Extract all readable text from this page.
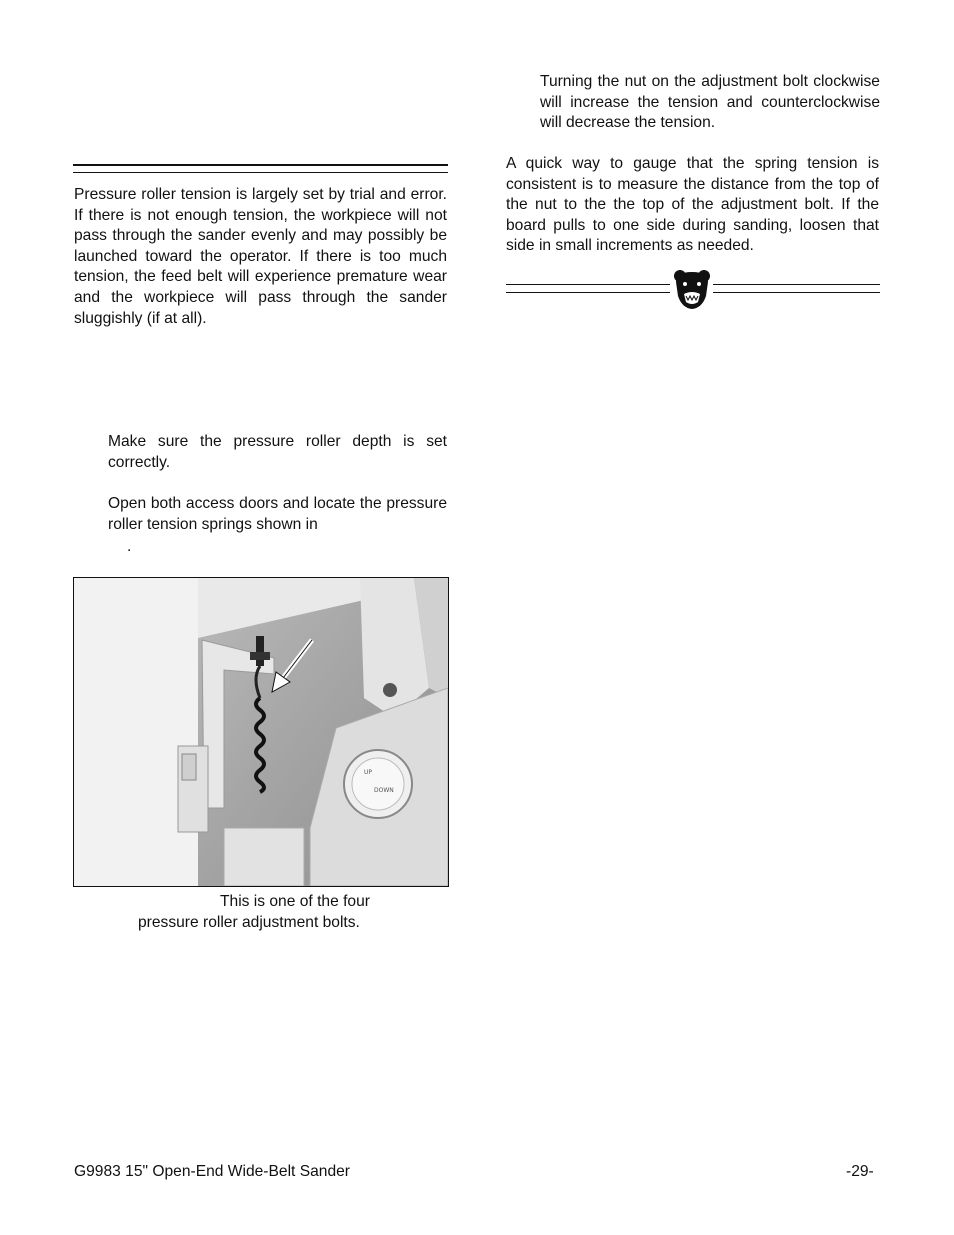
Turning the nut on the adjustment bolt clockwise will increase the tension and counterclockwise will decrease the tension.

Pressure roller tension is largely set by trial and error. If there is not enough tension, the workpiece will not pass through the sander evenly and may possibly be launched toward the operator. If there is too much tension, the feed belt will experience premature wear and the workpiece will pass through the sander sluggishly (if at all).

A quick way to gauge that the spring tension is consistent is to measure the distance from the top of the nut to the the top of the adjustment bolt. If the board pulls to one side during sanding, loosen that side in small increments as needed.

Make sure the pressure roller depth is set correctly.

Open both access doors and locate the pressure roller tension springs shown in

.

UP
DOWN

This is one of the four

pressure roller adjustment bolts.

G9983 15" Open-End Wide-Belt Sander	-29-
